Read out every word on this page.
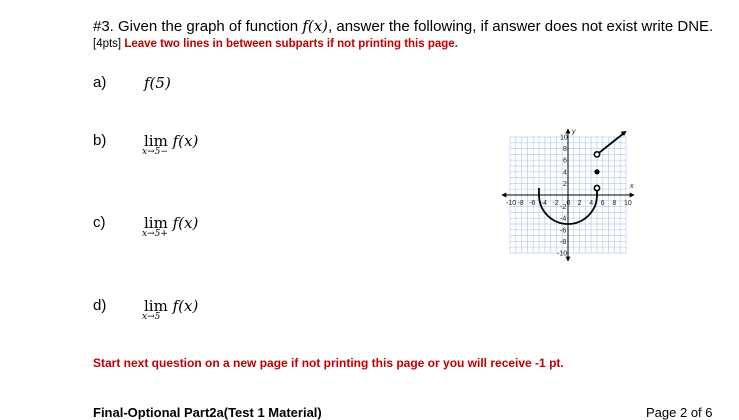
#3. Given the graph of function f(x), answer the following, if answer does not exist write DNE.
[4pts] Leave two lines in between subparts if not printing this page.
a)	f(5)
b)	lim
x→5−
f(x)
c)	lim
x→5+
f(x)
d)	lim
x→5
f(x)
-10 -8 -6 -4 -2 0 2 4 6 8 10
10
8
6
4
2
-2
-4
-6
-8
-10
x
y
Start next question on a new page if not printing this page or you will receive -1 pt.
Final-Optional Part2a(Test 1 Material)	Page 2 of 6
